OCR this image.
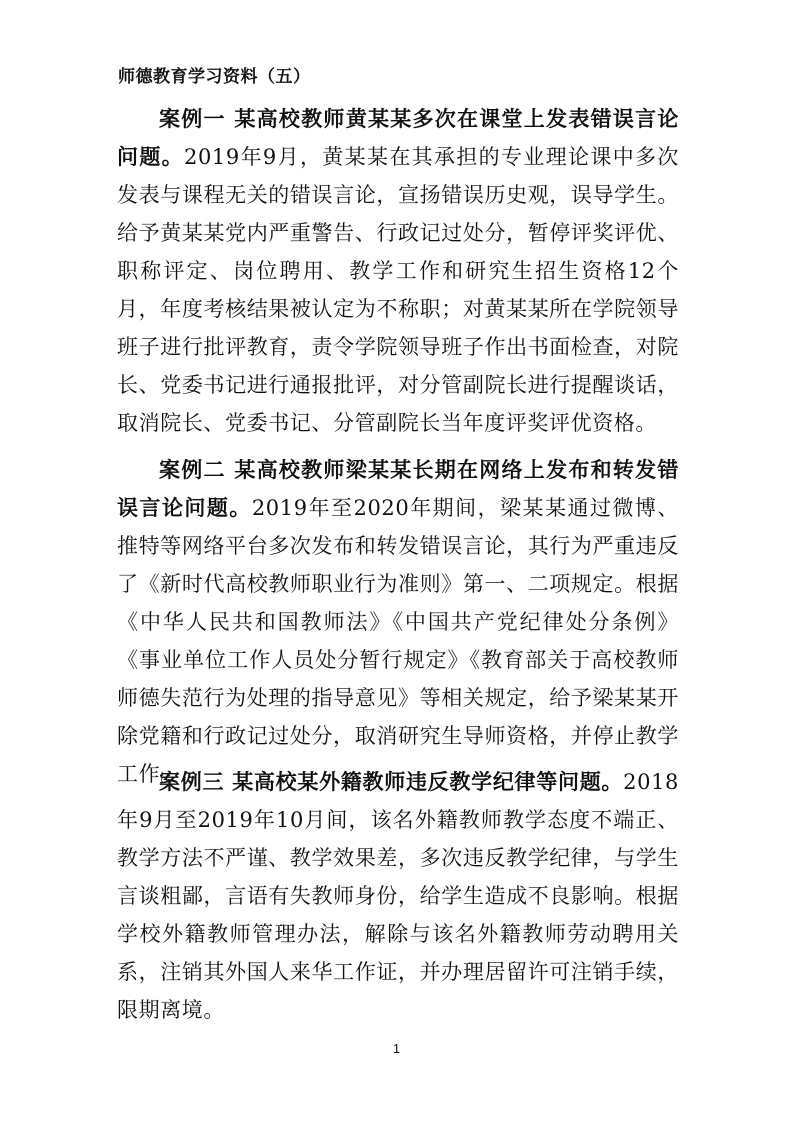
师德教育学习资料（五）
案例一 某高校教师黄某某多次在课堂上发表错误言论问题。2019年9月，黄某某在其承担的专业理论课中多次发表与课程无关的错误言论，宣扬错误历史观，误导学生。给予黄某某党内严重警告、行政记过处分，暂停评奖评优、职称评定、岗位聘用、教学工作和研究生招生资格12个月，年度考核结果被认定为不称职；对黄某某所在学院领导班子进行批评教育，责令学院领导班子作出书面检查，对院长、党委书记进行通报批评，对分管副院长进行提醒谈话，取消院长、党委书记、分管副院长当年度评奖评优资格。
案例二 某高校教师梁某某长期在网络上发布和转发错误言论问题。2019年至2020年期间，梁某某通过微博、推特等网络平台多次发布和转发错误言论，其行为严重违反了《新时代高校教师职业行为准则》第一、二项规定。根据《中华人民共和国教师法》《中国共产党纪律处分条例》《事业单位工作人员处分暂行规定》《教育部关于高校教师师德失范行为处理的指导意见》等相关规定，给予梁某某开除党籍和行政记过处分，取消研究生导师资格，并停止教学工作。
案例三 某高校某外籍教师违反教学纪律等问题。2018年9月至2019年10月间，该名外籍教师教学态度不端正、教学方法不严谨、教学效果差，多次违反教学纪律，与学生言谈粗鄙，言语有失教师身份，给学生造成不良影响。根据学校外籍教师管理办法，解除与该名外籍教师劳动聘用关系，注销其外国人来华工作证，并办理居留许可注销手续，限期离境。
1
